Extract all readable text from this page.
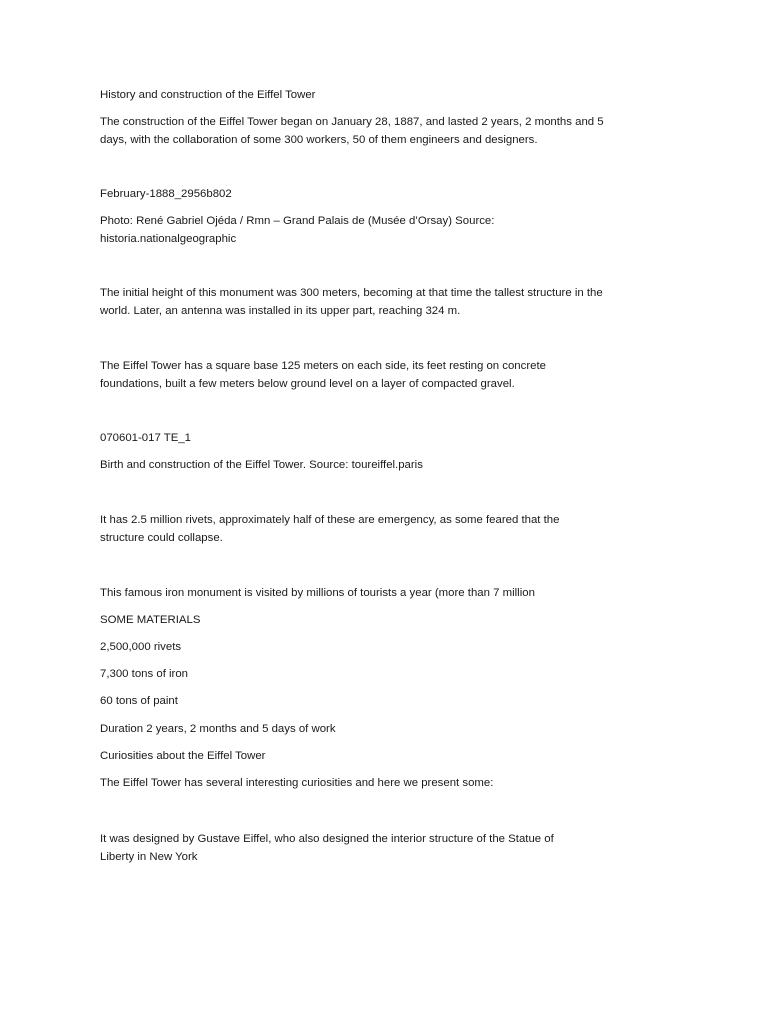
History and construction of the Eiffel Tower
The construction of the Eiffel Tower began on January 28, 1887, and lasted 2 years, 2 months and 5 days, with the collaboration of some 300 workers, 50 of them engineers and designers.
February-1888_2956b802
Photo: René Gabriel Ojéda / Rmn – Grand Palais de (Musée d’Orsay) Source: historia.nationalgeographic
The initial height of this monument was 300 meters, becoming at that time the tallest structure in the world. Later, an antenna was installed in its upper part, reaching 324 m.
The Eiffel Tower has a square base 125 meters on each side, its feet resting on concrete foundations, built a few meters below ground level on a layer of compacted gravel.
070601-017 TE_1
Birth and construction of the Eiffel Tower. Source: toureiffel.paris
It has 2.5 million rivets, approximately half of these are emergency, as some feared that the structure could collapse.
This famous iron monument is visited by millions of tourists a year (more than 7 million
SOME MATERIALS
2,500,000 rivets
7,300 tons of iron
60 tons of paint
Duration 2 years, 2 months and 5 days of work
Curiosities about the Eiffel Tower
The Eiffel Tower has several interesting curiosities and here we present some:
It was designed by Gustave Eiffel, who also designed the interior structure of the Statue of Liberty in New York
